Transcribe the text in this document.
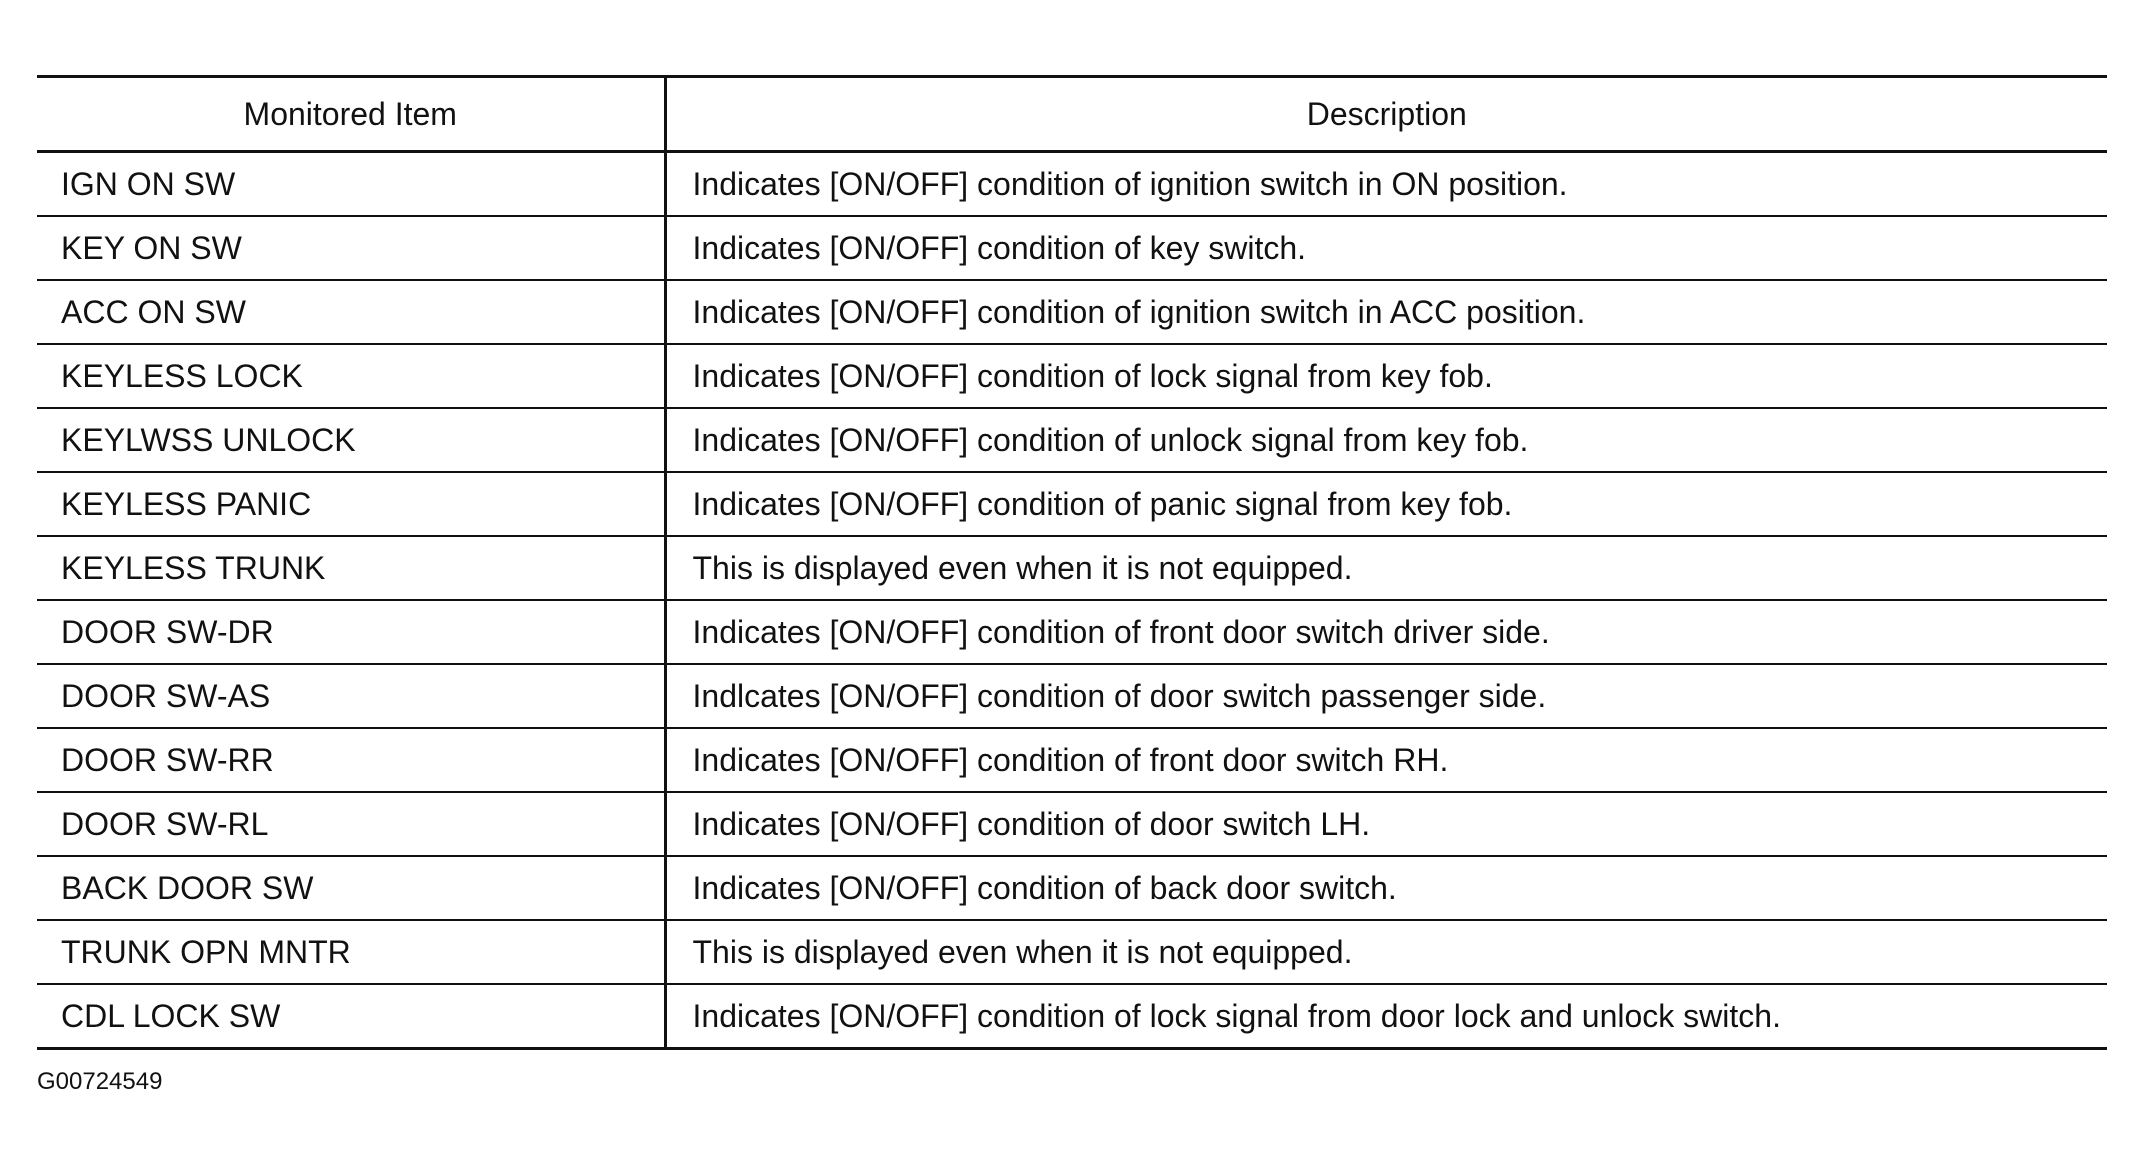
Monitored Item	Description
IGN ON SW	Indicates [ON/OFF] condition of ignition switch in ON position.
KEY ON SW	Indicates [ON/OFF] condition of key switch.
ACC ON SW	Indicates [ON/OFF] condition of ignition switch in ACC position.
KEYLESS LOCK	Indicates [ON/OFF] condition of lock signal from key fob.
KEYLWSS UNLOCK	Indicates [ON/OFF] condition of unlock signal from key fob.
KEYLESS PANIC	Indicates [ON/OFF] condition of panic signal from key fob.
KEYLESS TRUNK	This is displayed even when it is not equipped.
DOOR SW-DR	Indicates [ON/OFF] condition of front door switch driver side.
DOOR SW-AS	Indlcates [ON/OFF] condition of door switch passenger side.
DOOR SW-RR	Indicates [ON/OFF] condition of front door switch RH.
DOOR SW-RL	Indicates [ON/OFF] condition of door switch LH.
BACK DOOR SW	Indicates [ON/OFF] condition of back door switch.
TRUNK OPN MNTR	This is displayed even when it is not equipped.
CDL LOCK SW	Indicates [ON/OFF] condition of lock signal from door lock and unlock switch.
G00724549
